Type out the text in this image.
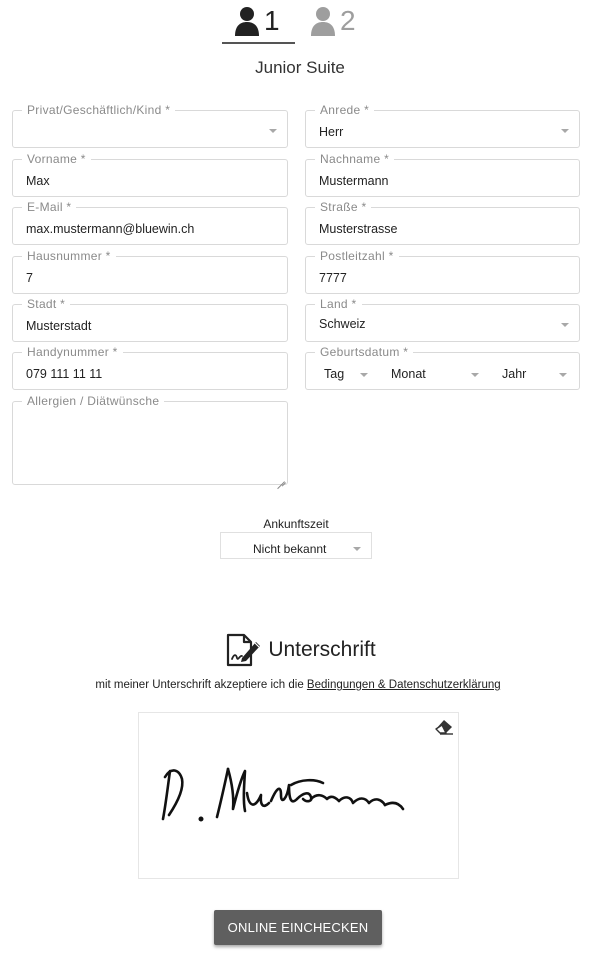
1 2
Junior Suite
Privat/Geschäftlich/Kind *	Anrede *
Herr
Vorname *
Max
Nachname *
Mustermann
E-Mail *
max.mustermann@bluewin.ch
Straße *
Musterstrasse
Hausnummer *
7
Postleitzahl *
7777
Stadt *
Musterstadt
Land *
Schweiz
Handynummer *
079 111 11 11
Geburtsdatum *
Tag	Monat	Jahr
Allergien / Diätwünsche
Ankunftszeit
Nicht bekannt
Unterschrift
mit meiner Unterschrift akzeptiere ich die Bedingungen & Datenschutzerklärung
ONLINE EINCHECKEN
